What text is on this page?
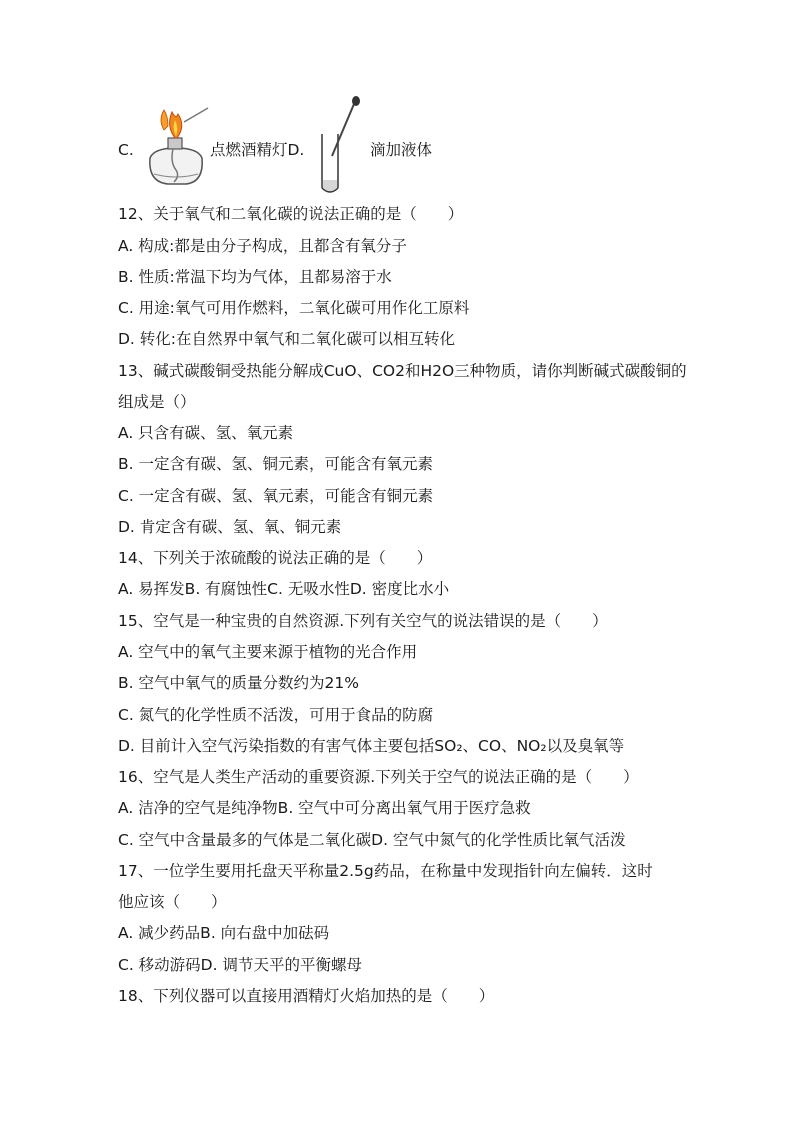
C.	点燃酒精灯D.	滴加液体
12、关于氧气和二氧化碳的说法正确的是（　　）
A. 构成:都是由分子构成，且都含有氧分子
B. 性质:常温下均为气体，且都易溶于水
C. 用途:氧气可用作燃料，二氧化碳可用作化工原料
D. 转化:在自然界中氧气和二氧化碳可以相互转化
13、碱式碳酸铜受热能分解成CuO、CO2和H2O三种物质，请你判断碱式碳酸铜的
组成是（）
A. 只含有碳、氢、氧元素
B. 一定含有碳、氢、铜元素，可能含有氧元素
C. 一定含有碳、氢、氧元素，可能含有铜元素
D. 肯定含有碳、氢、氧、铜元素
14、下列关于浓硫酸的说法正确的是（　　）
A. 易挥发B. 有腐蚀性C. 无吸水性D. 密度比水小
15、空气是一种宝贵的自然资源.下列有关空气的说法错误的是（　　）
A. 空气中的氧气主要来源于植物的光合作用
B. 空气中氧气的质量分数约为21%
C. 氮气的化学性质不活泼，可用于食品的防腐
D. 目前计入空气污染指数的有害气体主要包括SO₂、CO、NO₂以及臭氧等
16、空气是人类生产活动的重要资源.下列关于空气的说法正确的是（　　）
A. 洁净的空气是纯净物B. 空气中可分离出氧气用于医疗急救
C. 空气中含量最多的气体是二氧化碳D. 空气中氮气的化学性质比氧气活泼
17、一位学生要用托盘天平称量2.5g药品，在称量中发现指针向左偏转．这时
他应该（　　）
A. 减少药品B. 向右盘中加砝码
C. 移动游码D. 调节天平的平衡螺母
18、下列仪器可以直接用酒精灯火焰加热的是（　　）
